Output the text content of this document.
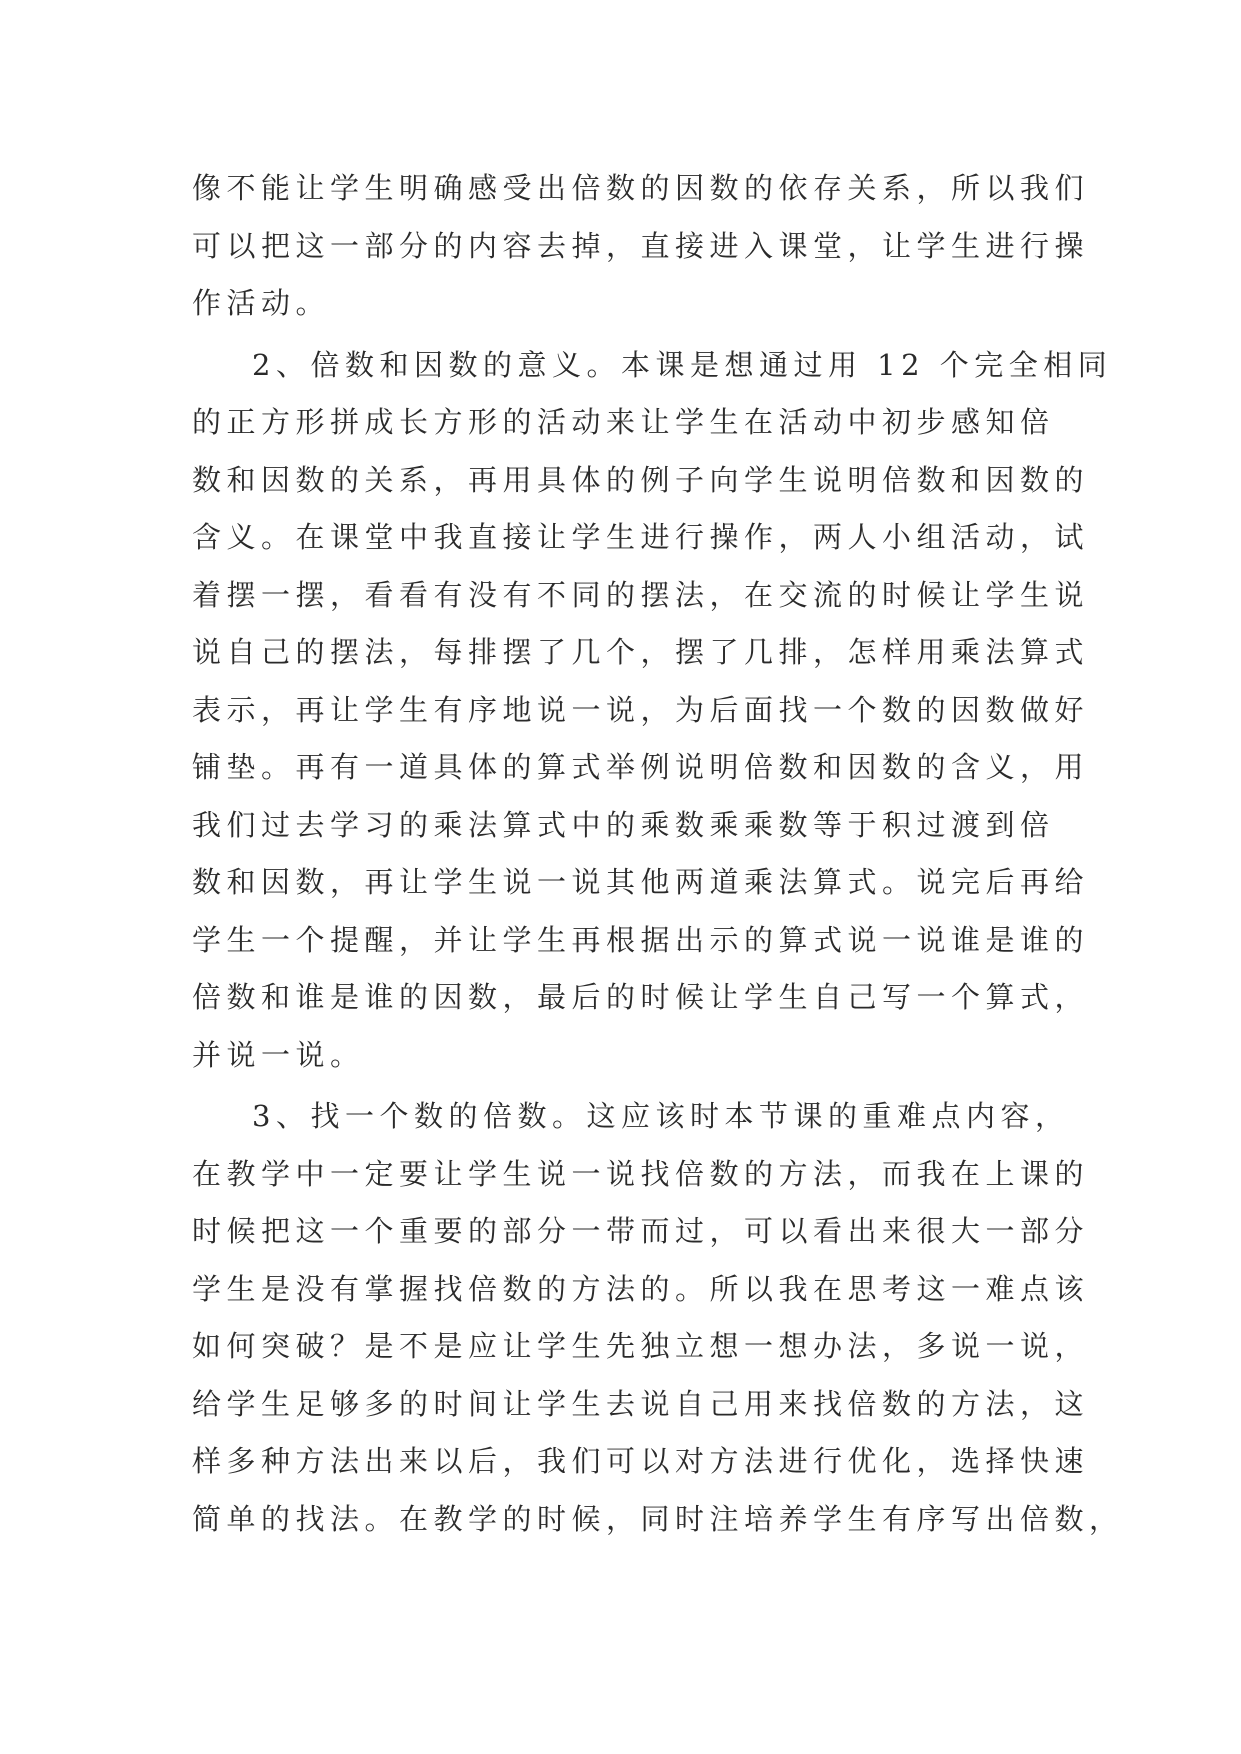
像不能让学生明确感受出倍数的因数的依存关系，所以我们

可以把这一部分的内容去掉，直接进入课堂，让学生进行操

作活动。

2、倍数和因数的意义。本课是想通过用 12 个完全相同

的正方形拼成长方形的活动来让学生在活动中初步感知倍

数和因数的关系，再用具体的例子向学生说明倍数和因数的

含义。在课堂中我直接让学生进行操作，两人小组活动，试

着摆一摆，看看有没有不同的摆法，在交流的时候让学生说

说自己的摆法，每排摆了几个，摆了几排，怎样用乘法算式

表示，再让学生有序地说一说，为后面找一个数的因数做好

铺垫。再有一道具体的算式举例说明倍数和因数的含义，用

我们过去学习的乘法算式中的乘数乘乘数等于积过渡到倍

数和因数，再让学生说一说其他两道乘法算式。说完后再给

学生一个提醒，并让学生再根据出示的算式说一说谁是谁的

倍数和谁是谁的因数，最后的时候让学生自己写一个算式，

并说一说。

3、找一个数的倍数。这应该时本节课的重难点内容，

在教学中一定要让学生说一说找倍数的方法，而我在上课的

时候把这一个重要的部分一带而过，可以看出来很大一部分

学生是没有掌握找倍数的方法的。所以我在思考这一难点该

如何突破？是不是应让学生先独立想一想办法，多说一说，

给学生足够多的时间让学生去说自己用来找倍数的方法，这

样多种方法出来以后，我们可以对方法进行优化，选择快速

简单的找法。在教学的时候，同时注培养学生有序写出倍数，
